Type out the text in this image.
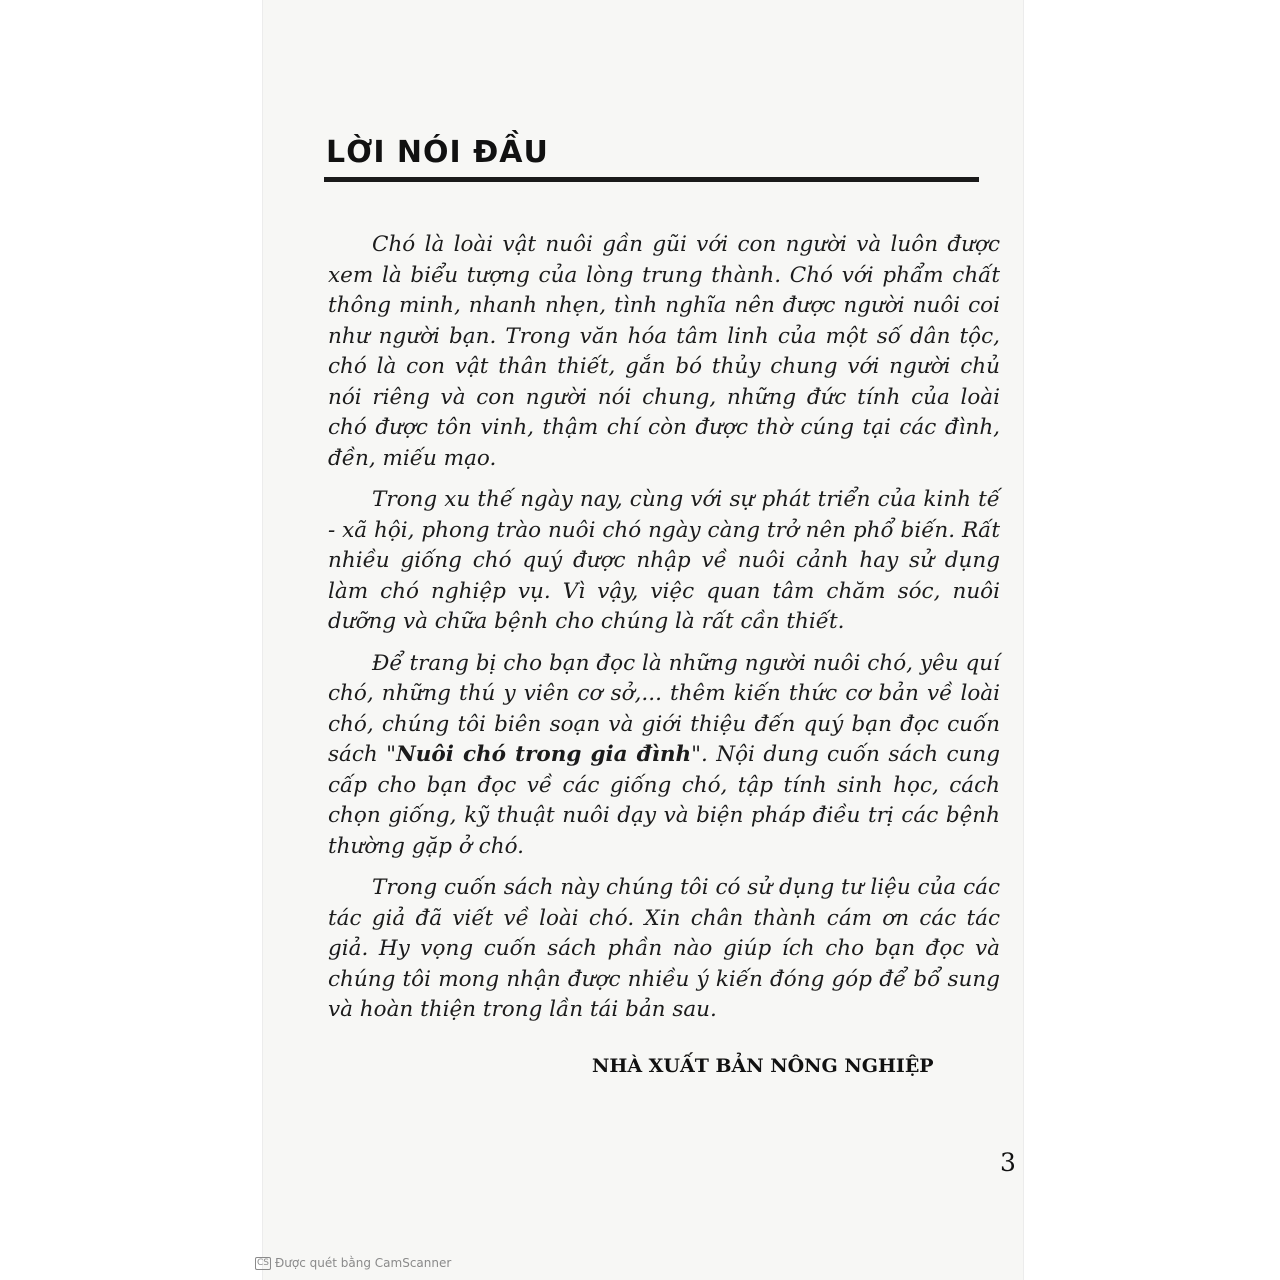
LỜI NÓI ĐẦU

Chó là loài vật nuôi gần gũi với con người và luôn được xem là biểu tượng của lòng trung thành. Chó với phẩm chất thông minh, nhanh nhẹn, tình nghĩa nên được người nuôi coi như người bạn. Trong văn hóa tâm linh của một số dân tộc, chó là con vật thân thiết, gắn bó thủy chung với người chủ nói riêng và con người nói chung, những đức tính của loài chó được tôn vinh, thậm chí còn được thờ cúng tại các đình, đền, miếu mạo.

Trong xu thế ngày nay, cùng với sự phát triển của kinh tế - xã hội, phong trào nuôi chó ngày càng trở nên phổ biến. Rất nhiều giống chó quý được nhập về nuôi cảnh hay sử dụng làm chó nghiệp vụ. Vì vậy, việc quan tâm chăm sóc, nuôi dưỡng và chữa bệnh cho chúng là rất cần thiết.

Để trang bị cho bạn đọc là những người nuôi chó, yêu quí chó, những thú y viên cơ sở,... thêm kiến thức cơ bản về loài chó, chúng tôi biên soạn và giới thiệu đến quý bạn đọc cuốn sách "Nuôi chó trong gia đình". Nội dung cuốn sách cung cấp cho bạn đọc về các giống chó, tập tính sinh học, cách chọn giống, kỹ thuật nuôi dạy và biện pháp điều trị các bệnh thường gặp ở chó.

Trong cuốn sách này chúng tôi có sử dụng tư liệu của các tác giả đã viết về loài chó. Xin chân thành cám ơn các tác giả. Hy vọng cuốn sách phần nào giúp ích cho bạn đọc và chúng tôi mong nhận được nhiều ý kiến đóng góp để bổ sung và hoàn thiện trong lần tái bản sau.

NHÀ XUẤT BẢN NÔNG NGHIỆP
3
CS Được quét bằng CamScanner
